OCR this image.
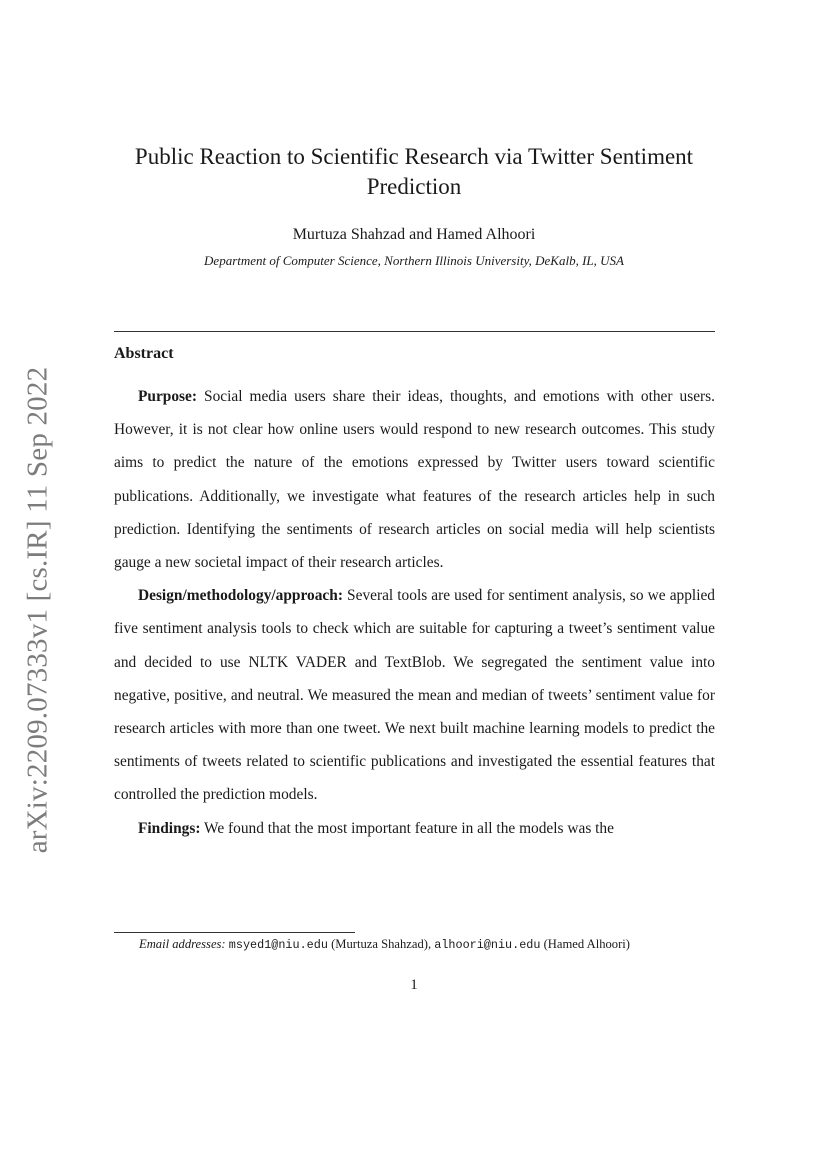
arXiv:2209.07333v1 [cs.IR] 11 Sep 2022
Public Reaction to Scientific Research via Twitter Sentiment Prediction
Murtuza Shahzad and Hamed Alhoori
Department of Computer Science, Northern Illinois University, DeKalb, IL, USA
Abstract

Purpose: Social media users share their ideas, thoughts, and emotions with other users. However, it is not clear how online users would respond to new research outcomes. This study aims to predict the nature of the emotions expressed by Twitter users toward scientific publications. Additionally, we investigate what features of the research articles help in such prediction. Identifying the sentiments of research articles on social media will help scientists gauge a new societal impact of their research articles.

Design/methodology/approach: Several tools are used for sentiment analysis, so we applied five sentiment analysis tools to check which are suitable for capturing a tweet’s sentiment value and decided to use NLTK VADER and TextBlob. We segregated the sentiment value into negative, positive, and neutral. We measured the mean and median of tweets’ sentiment value for research articles with more than one tweet. We next built machine learning models to predict the sentiments of tweets related to scientific publications and investigated the essential features that controlled the prediction models.

Findings: We found that the most important feature in all the models was the

Email addresses: msyed1@niu.edu (Murtuza Shahzad), alhoori@niu.edu (Hamed Alhoori)
1
